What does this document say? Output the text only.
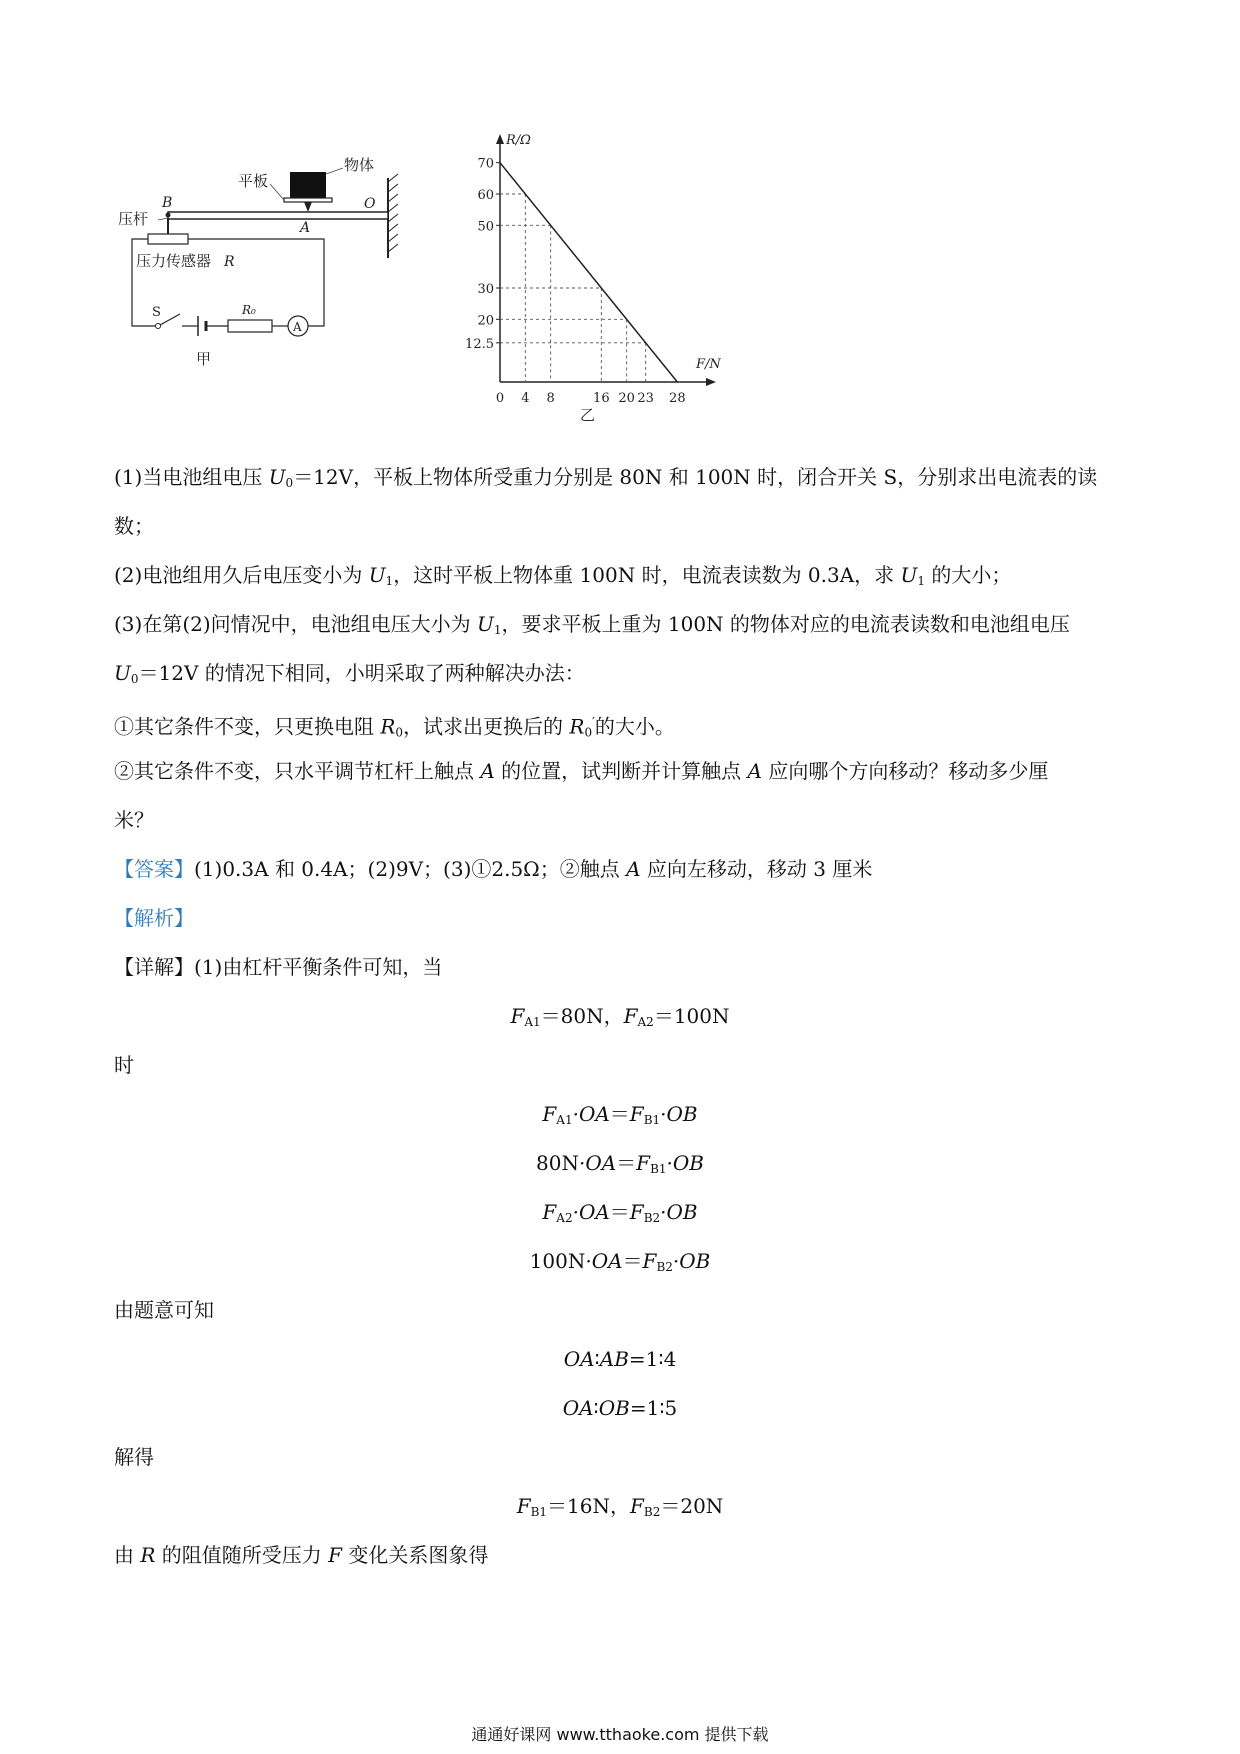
物体
平板
压杆
B
A
O
压力传感器 R
S	R₀
A
甲
R/Ω
F/N
70
60
50
30
20
12.5
0 4 8	16 20 23 28
乙
(1)当电池组电压 $U_0=12V$，平板上物体所受重力分别是 80N 和 100N 时，闭合开关 S，分别求出电流表的读
数；
(2)电池组用久后电压变小为 $U_1$，这时平板上物体重 100N 时，电流表读数为 0.3A，求 $U_1$ 的大小；
(3)在第(2)问情况中，电池组电压大小为 $U_1$，要求平板上重为 100N 的物体对应的电流表读数和电池组电压
$U_0=12V$ 的情况下相同，小明采取了两种解决办法：
①其它条件不变，只更换电阻 $R_0$，试求出更换后的 $R_0'$的大小。
②其它条件不变，只水平调节杠杆上触点 A 的位置，试判断并计算触点 A 应向哪个方向移动？移动多少厘
米？
【答案】(1)0.3A 和 0.4A；(2)9V；(3)①2.5Ω；②触点 A 应向左移动，移动 3 厘米
【解析】
【详解】(1)由杠杆平衡条件可知，当
$F_{A1}=80N$，$F_{A2}=100N$
时
$F_{A1}\cdot OA=F_{B1}\cdot OB$
$80N\cdot OA=F_{B1}\cdot OB$
$F_{A2}\cdot OA=F_{B2}\cdot OB$
$100N\cdot OA=F_{B2}\cdot OB$
由题意可知
OA∶AB=1∶4
OA∶OB=1∶5
解得
$F_{B1}=16N$，$F_{B2}=20N$
由 R 的阻值随所受压力 F 变化关系图象得
通通好课网 www.tthaoke.com 提供下载
